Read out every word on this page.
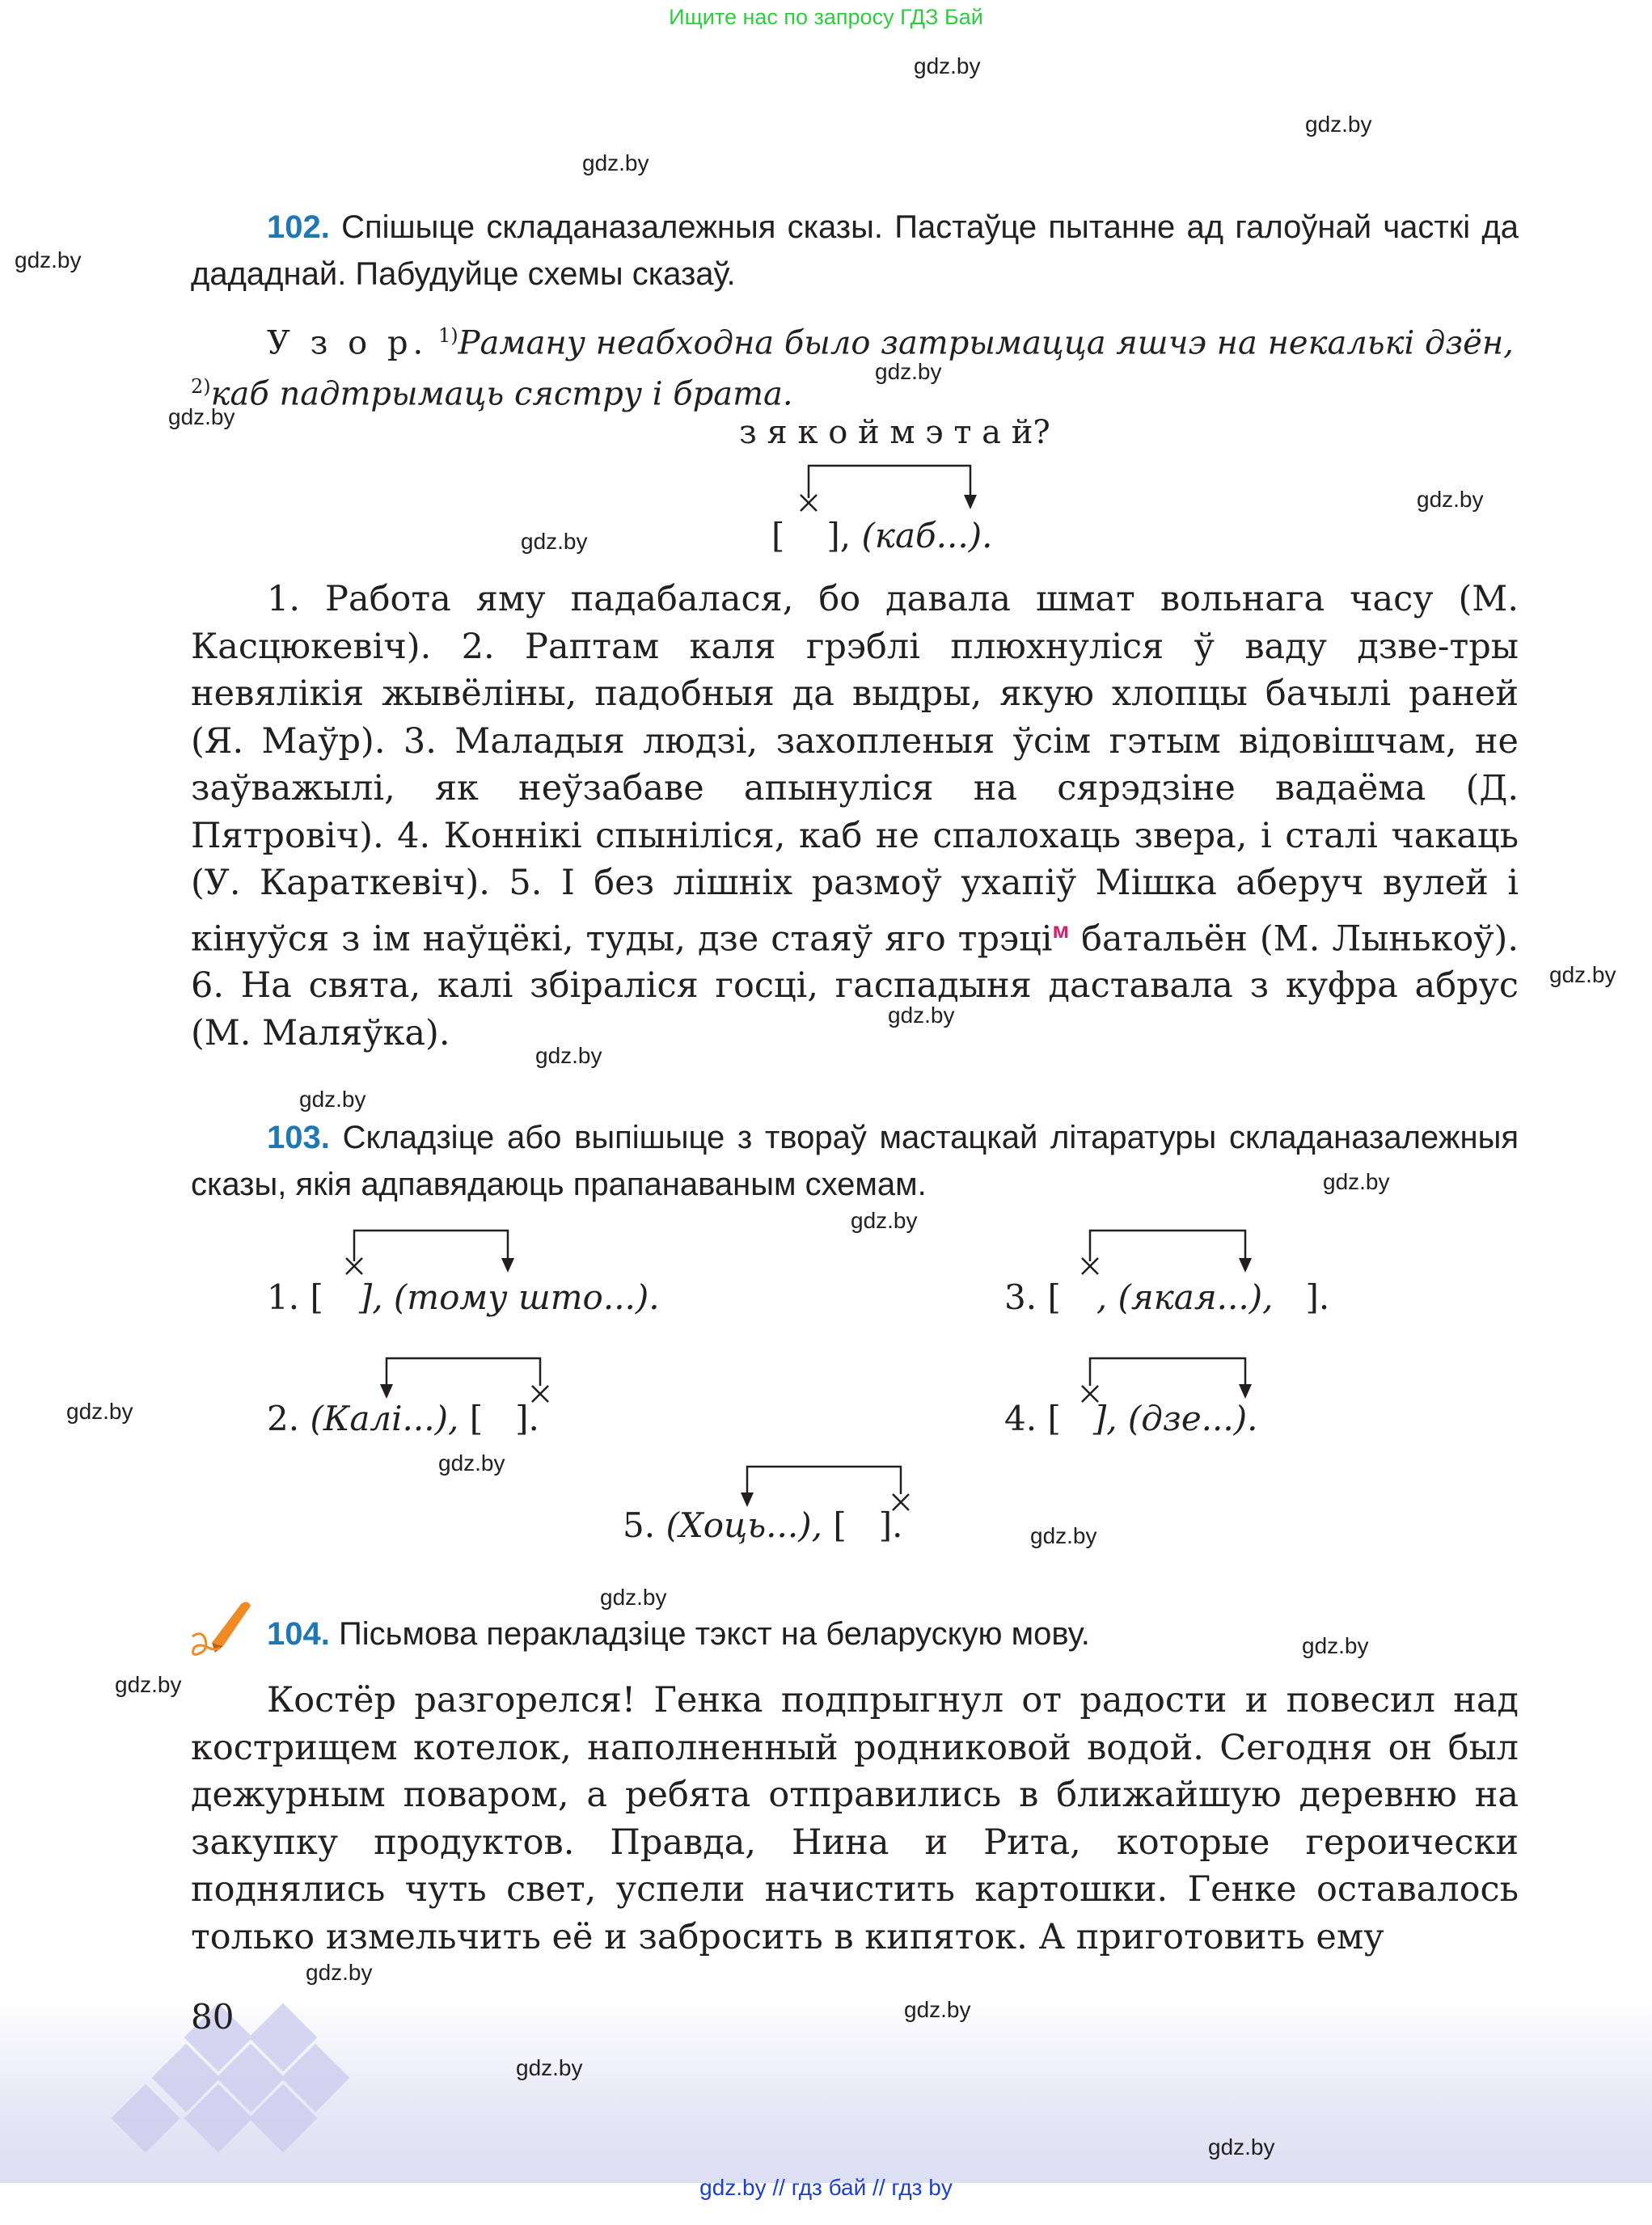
Ищите нас по запросу ГДЗ Бай
gdz.by
gdz.by
gdz.by
gdz.by
gdz.by
gdz.by
gdz.by
gdz.by
gdz.by
gdz.by
gdz.by
gdz.by
gdz.by
gdz.by
gdz.by
gdz.by
gdz.by
gdz.by
gdz.by
gdz.by
gdz.by
gdz.by
gdz.by
gdz.by
102. Спішыце складаназалежныя сказы. Пастаўце пытанне ад галоўнай часткі да дададнай. Пабудуйце схемы сказаў.
У з о р. $^{1)}$Раману неабходна было затрымацца яшчэ на некалькі дзён, $^{2)}$каб падтрымаць сястру і брата.
з я к о й м э т а й?
[ ], (каб...).
1. Работа яму падабалася, бо давала шмат вольнага часу (М. Касцюкевіч). 2. Раптам каля грэблі плюхнуліся ў ваду дзве-тры невялікія жывёліны, падобныя да выдры, якую хлопцы бачылі раней (Я. Маўр). 3. Маладыя людзі, захопленыя ўсім гэтым відовішчам, не заўважылі, як неўзабаве апынуліся на сярэдзіне вадаёма (Д. Пятровіч). 4. Коннікі спыніліся, каб не спалохаць звера, і сталі чакаць (У. Караткевіч). 5. І без лішніх размоў ухапіў Мішка аберуч вулей і кінуўся з ім наўцёкі, туды, дзе стаяў яго трэці$^м$ батальён (М. Лынькоў). 6. На свята, калі збіраліся госці, гаспадыня даставала з куфра абрус (М. Маляўка).
103. Складзіце або выпішыце з твораў мастацкай літаратуры складаназалежныя сказы, якія адпавядаюць прапанаваным схемам.
1. [ ], (тому што...).	3. [ , (якая...), ].
2. (Калі...), [ ].	4. [ ], (дзе...).
5. (Хоць...), [ ].
104. Пісьмова перакладзіце тэкст на беларускую мову.
Костёр разгорелся! Генка подпрыгнул от радости и повесил над кострищем котелок, наполненный родниковой водой. Сегодня он был дежурным поваром, а ребята отправились в ближайшую деревню на закупку продуктов. Правда, Нина и Рита, которые героически поднялись чуть свет, успели начистить картошки. Генке оставалось только измельчить её и забросить в кипяток. А приготовить ему
80
gdz.by // гдз бай // гдз by
